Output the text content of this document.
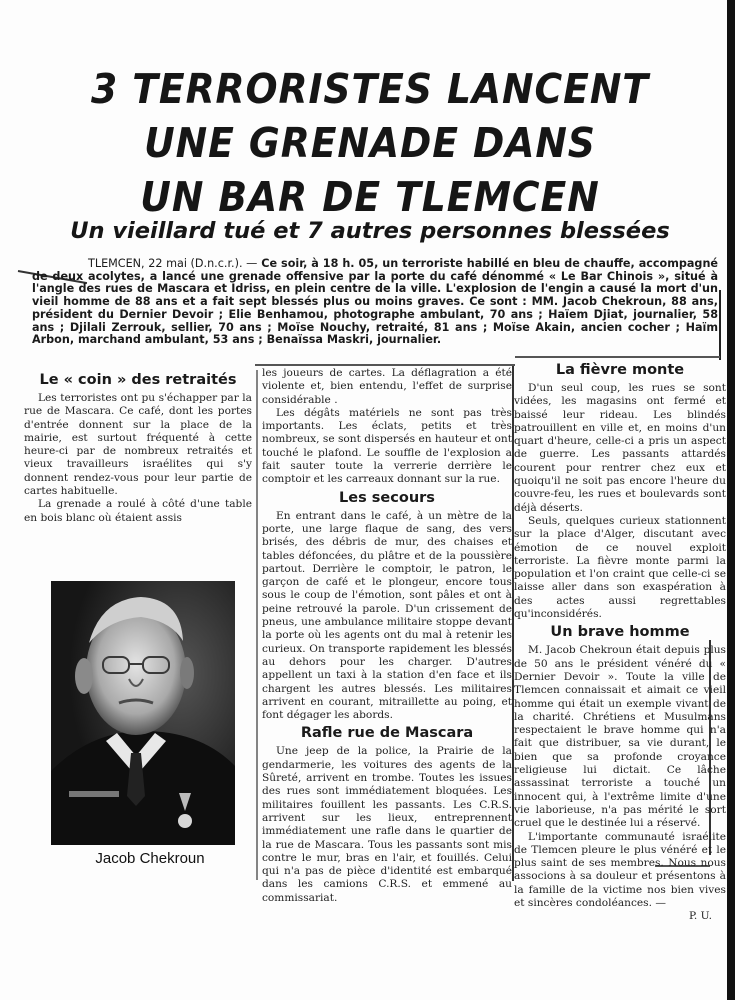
3 TERRORISTES LANCENT
UNE GRENADE DANS
UN BAR DE TLEMCEN
Un vieillard tué et 7 autres personnes blessées

TLEMCEN, 22 mai (D.n.c.r.). — Ce soir, à 18 h. 05, un terroriste habillé en bleu de chauffe, accompagné de deux acolytes, a lancé une grenade offensive par la porte du café dénommé « Le Bar Chinois », situé à l'angle des rues de Mascara et Idriss, en plein centre de la ville. L'explosion de l'engin a causé la mort d'un vieil homme de 88 ans et a fait sept blessés plus ou moins graves. Ce sont : MM. Jacob Chekroun, 88 ans, président du Dernier Devoir ; Elie Benhamou, photographe ambulant, 70 ans ; Haïem Djiat, journalier, 58 ans ; Djilali Zerrouk, sellier, 70 ans ; Moïse Nouchy, retraité, 81 ans ; Moïse Akain, ancien cocher ; Haïm Arbon, marchand ambulant, 53 ans ; Benaïssa Maskri, journalier.

Le « coin » des retraités

Les terroristes ont pu s'échapper par la rue de Mascara. Ce café, dont les portes d'entrée donnent sur la place de la mairie, est surtout fréquenté à cette heure-ci par de nombreux retraités et vieux travailleurs israélites qui s'y donnent rendez-vous pour leur partie de cartes habituelle.

La grenade a roulé à côté d'une table en bois blanc où étaient assis

Jacob Chekroun

les joueurs de cartes. La déflagration a été violente et, bien entendu, l'effet de surprise considérable .

Les dégâts matériels ne sont pas très importants. Les éclats, petits et très nombreux, se sont dispersés en hauteur et ont touché le plafond. Le souffle de l'explosion a fait sauter toute la verrerie derrière le comptoir et les carreaux donnant sur la rue.

Les secours

En entrant dans le café, à un mètre de la porte, une large flaque de sang, des vers brisés, des débris de mur, des chaises et tables défoncées, du plâtre et de la poussière partout. Derrière le comptoir, le patron, le garçon de café et le plongeur, encore tous sous le coup de l'émotion, sont pâles et ont à peine retrouvé la parole. D'un crissement de pneus, une ambulance militaire stoppe devant la porte où les agents ont du mal à retenir les curieux. On transporte rapidement les blessés au dehors pour les charger. D'autres appellent un taxi à la station d'en face et ils chargent les autres blessés. Les militaires arrivent en courant, mitraillette au poing, et font dégager les abords.

Rafle rue de Mascara

Une jeep de la police, la Prairie de la gendarmerie, les voitures des agents de la Sûreté, arrivent en trombe. Toutes les issues des rues sont immédiatement bloquées. Les militaires fouillent les passants. Les C.R.S. arrivent sur les lieux, entreprennent immédiatement une rafle dans le quartier de la rue de Mascara. Tous les passants sont mis contre le mur, bras en l'air, et fouillés. Celui qui n'a pas de pièce d'identité est embarqué dans les camions C.R.S. et emmené au commissariat.

La fièvre monte

D'un seul coup, les rues se sont vidées, les magasins ont fermé et baissé leur rideau. Les blindés patrouillent en ville et, en moins d'un quart d'heure, celle-ci a pris un aspect de guerre. Les passants attardés courent pour rentrer chez eux et quoiqu'il ne soit pas encore l'heure du couvre-feu, les rues et boulevards sont déjà déserts.

Seuls, quelques curieux stationnent sur la place d'Alger, discutant avec émotion de ce nouvel exploit terroriste. La fièvre monte parmi la population et l'on craint que celle-ci se laisse aller dans son exaspération à des actes aussi regrettables qu'inconsidérés.

Un brave homme

M. Jacob Chekroun était depuis plus de 50 ans le président vénéré du « Dernier Devoir ». Toute la ville de Tlemcen connaissait et aimait ce vieil homme qui était un exemple vivant de la charité. Chrétiens et Musulmans respectaient le brave homme qui n'a fait que distribuer, sa vie durant, le bien que sa profonde croyance religieuse lui dictait. Ce lâche assassinat terroriste a touché un innocent qui, à l'extrême limite d'une vie laborieuse, n'a pas mérité le sort cruel que le destinée lui a réservé.

L'importante communauté israélite de Tlemcen pleure le plus vénéré et le plus saint de ses membres. Nous nous associons à sa douleur et présentons à la famille de la victime nos bien vives et sincères condoléances. —

P. U.
